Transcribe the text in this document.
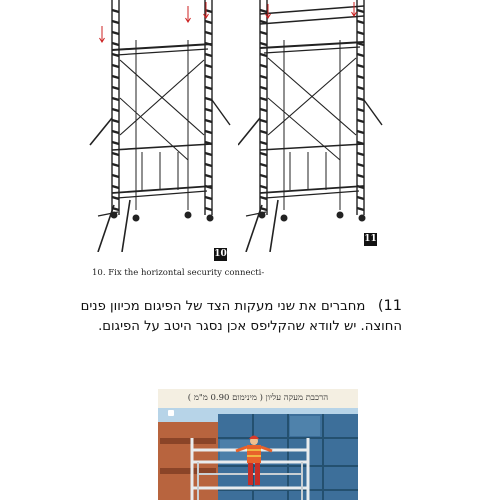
10
11
10. Fix the horizontal security connecti-
11)   מחברים את שני מעקות הצד של הפיגום מכיוון פנים
החוצה. יש לוודא שהקליפס אכן נסגר היטב על הפיגום.
הרכבת מעקה עליון ( מינימום 0.90 מ"מ )
